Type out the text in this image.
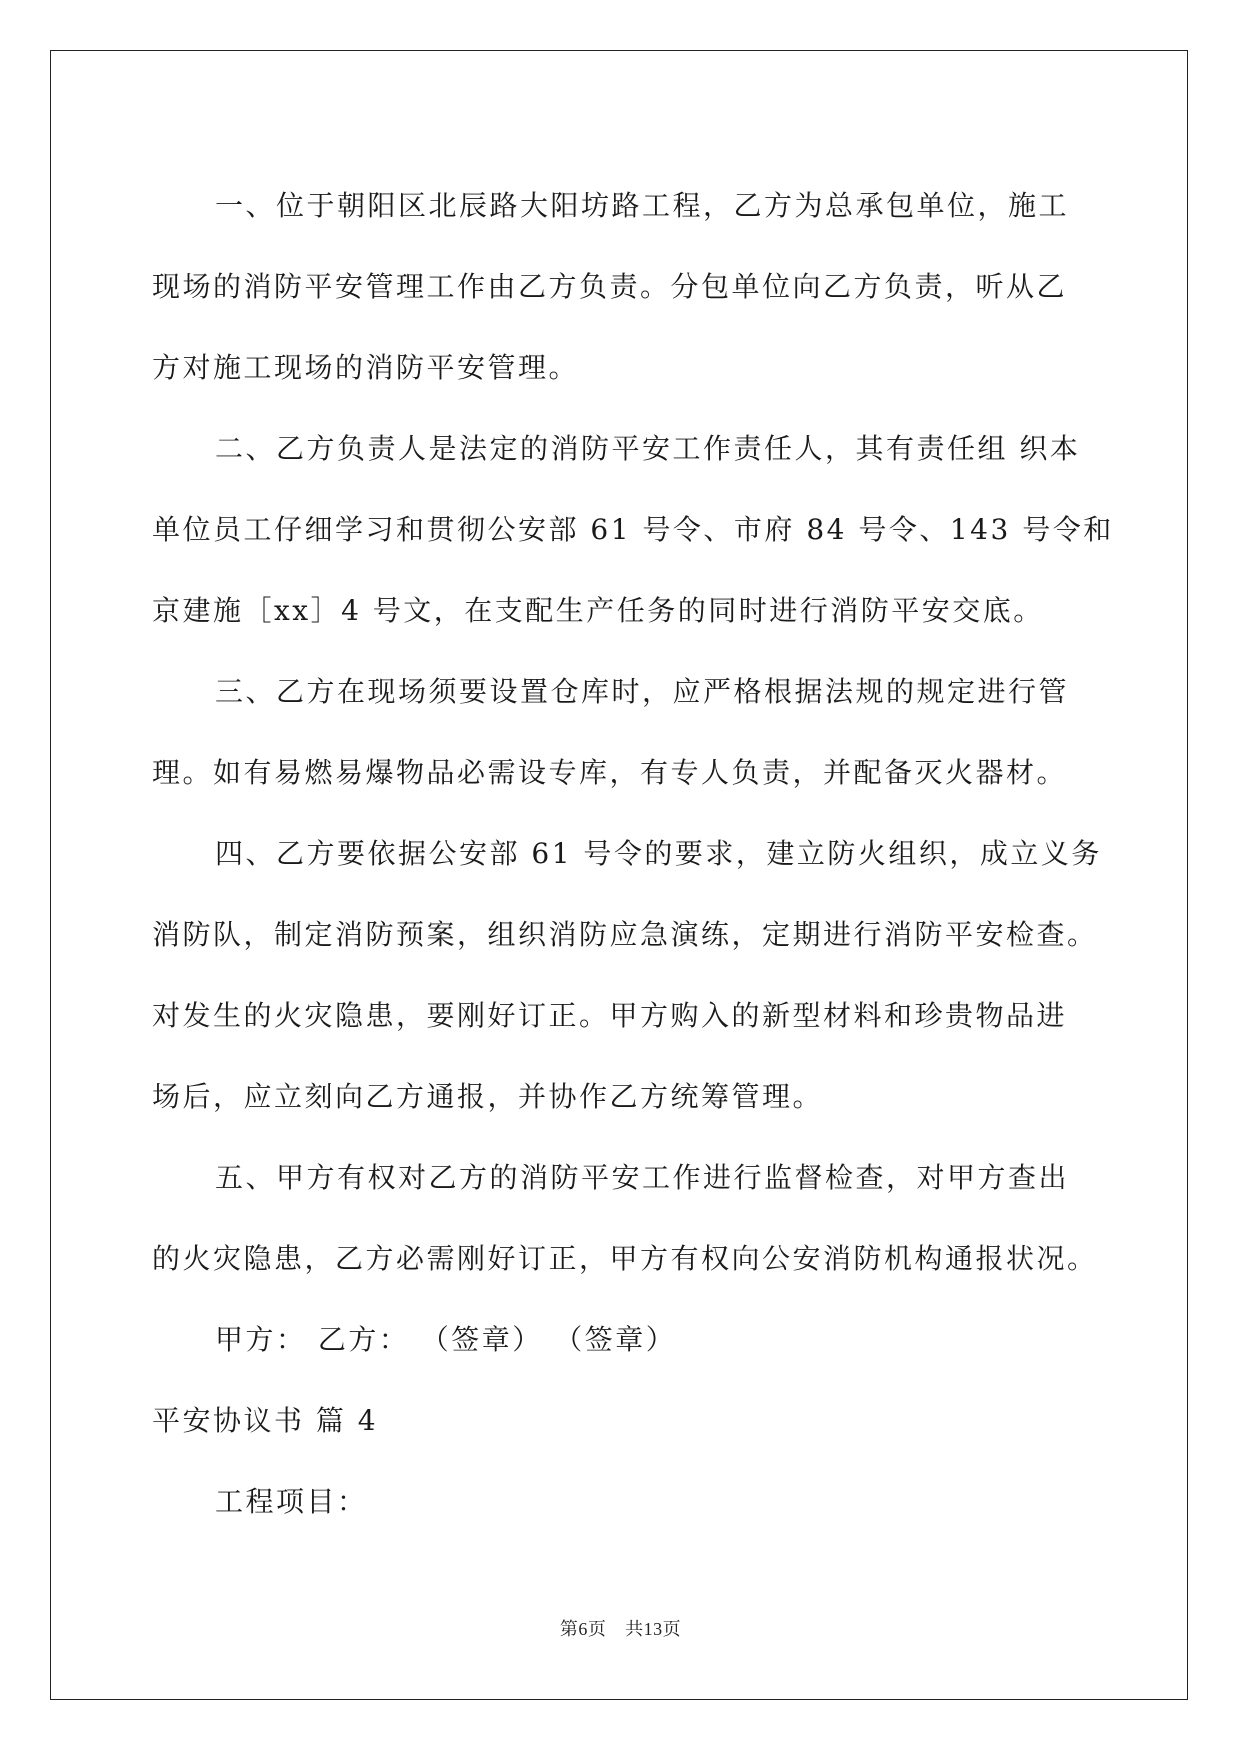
一、位于朝阳区北辰路大阳坊路工程，乙方为总承包单位，施工
现场的消防平安管理工作由乙方负责。分包单位向乙方负责，听从乙
方对施工现场的消防平安管理。
二、乙方负责人是法定的消防平安工作责任人，其有责任组 织本
单位员工仔细学习和贯彻公安部 61 号令、市府 84 号令、143 号令和
京建施［xx］4 号文，在支配生产任务的同时进行消防平安交底。
三、乙方在现场须要设置仓库时，应严格根据法规的规定进行管
理。如有易燃易爆物品必需设专库，有专人负责，并配备灭火器材。
四、乙方要依据公安部 61 号令的要求，建立防火组织，成立义务
消防队，制定消防预案，组织消防应急演练，定期进行消防平安检查。
对发生的火灾隐患，要刚好订正。甲方购入的新型材料和珍贵物品进
场后，应立刻向乙方通报，并协作乙方统筹管理。
五、甲方有权对乙方的消防平安工作进行监督检查，对甲方查出
的火灾隐患，乙方必需刚好订正，甲方有权向公安消防机构通报状况。
甲方： 乙方： （签章） （签章）
平安协议书 篇 4
工程项目：
第6页 共13页
